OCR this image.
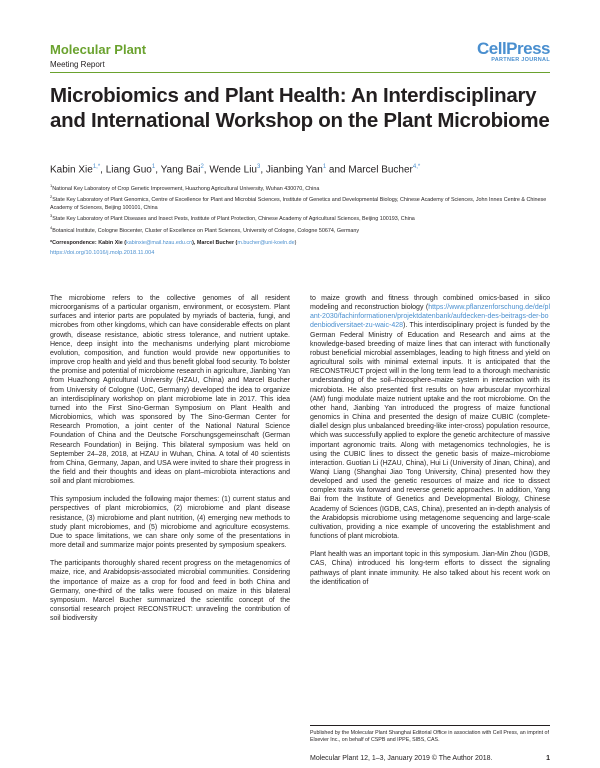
Molecular Plant
Meeting Report
CellPress
PARTNER JOURNAL
Microbiomics and Plant Health: An Interdisciplinary and International Workshop on the Plant Microbiome
Kabin Xie$^{1,*}$, Liang Guo$^1$, Yang Bai$^2$, Wende Liu$^3$, Jianbing Yan$^1$ and Marcel Bucher$^{4,*}$
$^1$National Key Laboratory of Crop Genetic Improvement, Huazhong Agricultural University, Wuhan 430070, China
$^2$State Key Laboratory of Plant Genomics, Centre of Excellence for Plant and Microbial Sciences, Institute of Genetics and Developmental Biology, Chinese Academy of Sciences, John Innes Centre & Chinese Academy of Sciences, Beijing 100101, China
$^3$State Key Laboratory of Plant Diseases and Insect Pests, Institute of Plant Protection, Chinese Academy of Agricultural Sciences, Beijing 100193, China
$^4$Botanical Institute, Cologne Biocenter, Cluster of Excellence on Plant Sciences, University of Cologne, Cologne 50674, Germany
*Correspondence: Kabin Xie (kabinxie@mail.hzau.edu.cn), Marcel Bucher (m.bucher@uni-koeln.de)
https://doi.org/10.1016/j.molp.2018.11.004

The microbiome refers to the collective genomes of all resident microorganisms of a particular organism, environment, or ecosystem. Plant surfaces and interior parts are populated by myriads of bacteria, fungi, and microbes from other kingdoms, which can have considerable effects on plant growth, disease resistance, abiotic stress tolerance, and nutrient uptake. Hence, deep insight into the mechanisms underlying plant microbiome evolution, composition, and function would provide new opportunities to improve crop health and yield and thus benefit global food security. To bolster the promise and potential of microbiome research in agriculture, Jianbing Yan from Huazhong Agricultural University (HZAU, China) and Marcel Bucher from University of Cologne (UoC, Germany) developed the idea to organize an interdisciplinary workshop on plant microbiome late in 2017. This idea turned into the First Sino-German Symposium on Plant Health and Microbiomics, which was sponsored by The Sino-German Center for Research Promotion, a joint center of the National Natural Science Foundation of China and the Deutsche Forschungsgemeinschaft (German Research Foundation) in Beijing. This bilateral symposium was held on September 24–28, 2018, at HZAU in Wuhan, China. A total of 40 scientists from China, Germany, Japan, and USA were invited to share their progress in the field and their thoughts and ideas on plant–microbiota interactions and soil and plant microbiomes.

This symposium included the following major themes: (1) current status and perspectives of plant microbiomics, (2) microbiome and plant disease resistance, (3) microbiome and plant nutrition, (4) emerging new methods to study plant microbiomes, and (5) microbiome and agriculture ecosystems. Due to space limitations, we can share only some of the presentations in more detail and summarize major points presented by symposium speakers.

The participants thoroughly shared recent progress on the metagenomics of maize, rice, and Arabidopsis-associated microbial communities. Considering the importance of maize as a crop for food and feed in both China and Germany, one-third of the talks were focused on maize in this bilateral symposium. Marcel Bucher summarized the scientific concept of the consortial research project RECONSTRUCT: unraveling the contribution of soil biodiversity

to maize growth and fitness through combined omics-based in silico modeling and reconstruction biology (https://www.pflanzenforschung.de/de/plant-2030/fachinformationen/projektdatenbank/aufdecken-des-beitrags-der-bodenbiodiversitaet-zu-waic-428). This interdisciplinary project is funded by the German Federal Ministry of Education and Research and aims at the knowledge-based breeding of maize lines that can interact with functionally robust beneficial microbial assemblages, leading to high fitness and yield on agricultural soils with minimal external inputs. It is anticipated that the RECONSTRUCT project will in the long term lead to a thorough mechanistic understanding of the soil–rhizosphere–maize system in interaction with its microbiota. He also presented first results on how arbuscular mycorrhizal (AM) fungi modulate maize nutrient uptake and the root microbiome. On the other hand, Jianbing Yan introduced the progress of maize functional genomics in China and presented the design of maize CUBIC (complete-diallel design plus unbalanced breeding-like inter-cross) population resource, which was successfully applied to explore the genetic architecture of massive important agronomic traits. Along with metagenomics technologies, he is using the CUBIC lines to dissect the genetic basis of maize–microbiome interaction. Guotian Li (HZAU, China), Hui Li (University of Jinan, China), and Wanqi Liang (Shanghai Jiao Tong University, China) presented how they developed and used the genetic resources of maize and rice to dissect complex traits via forward and reverse genetic approaches. In addition, Yang Bai from the Institute of Genetics and Developmental Biology, Chinese Academy of Sciences (IGDB, CAS, China), presented an in-depth analysis of the Arabidopsis microbiome using metagenome sequencing and large-scale cultivation, providing a nice example of uncovering the establishment and functions of plant microbiota.

Plant health was an important topic in this symposium. Jian-Min Zhou (IGDB, CAS, China) introduced his long-term efforts to dissect the signaling pathways of plant innate immunity. He also talked about his recent work on the identification of

Published by the Molecular Plant Shanghai Editorial Office in association with Cell Press, an imprint of Elsevier Inc., on behalf of CSPB and IPPE, SIBS, CAS.
Molecular Plant 12, 1–3, January 2019 © The Author 2018.	1
